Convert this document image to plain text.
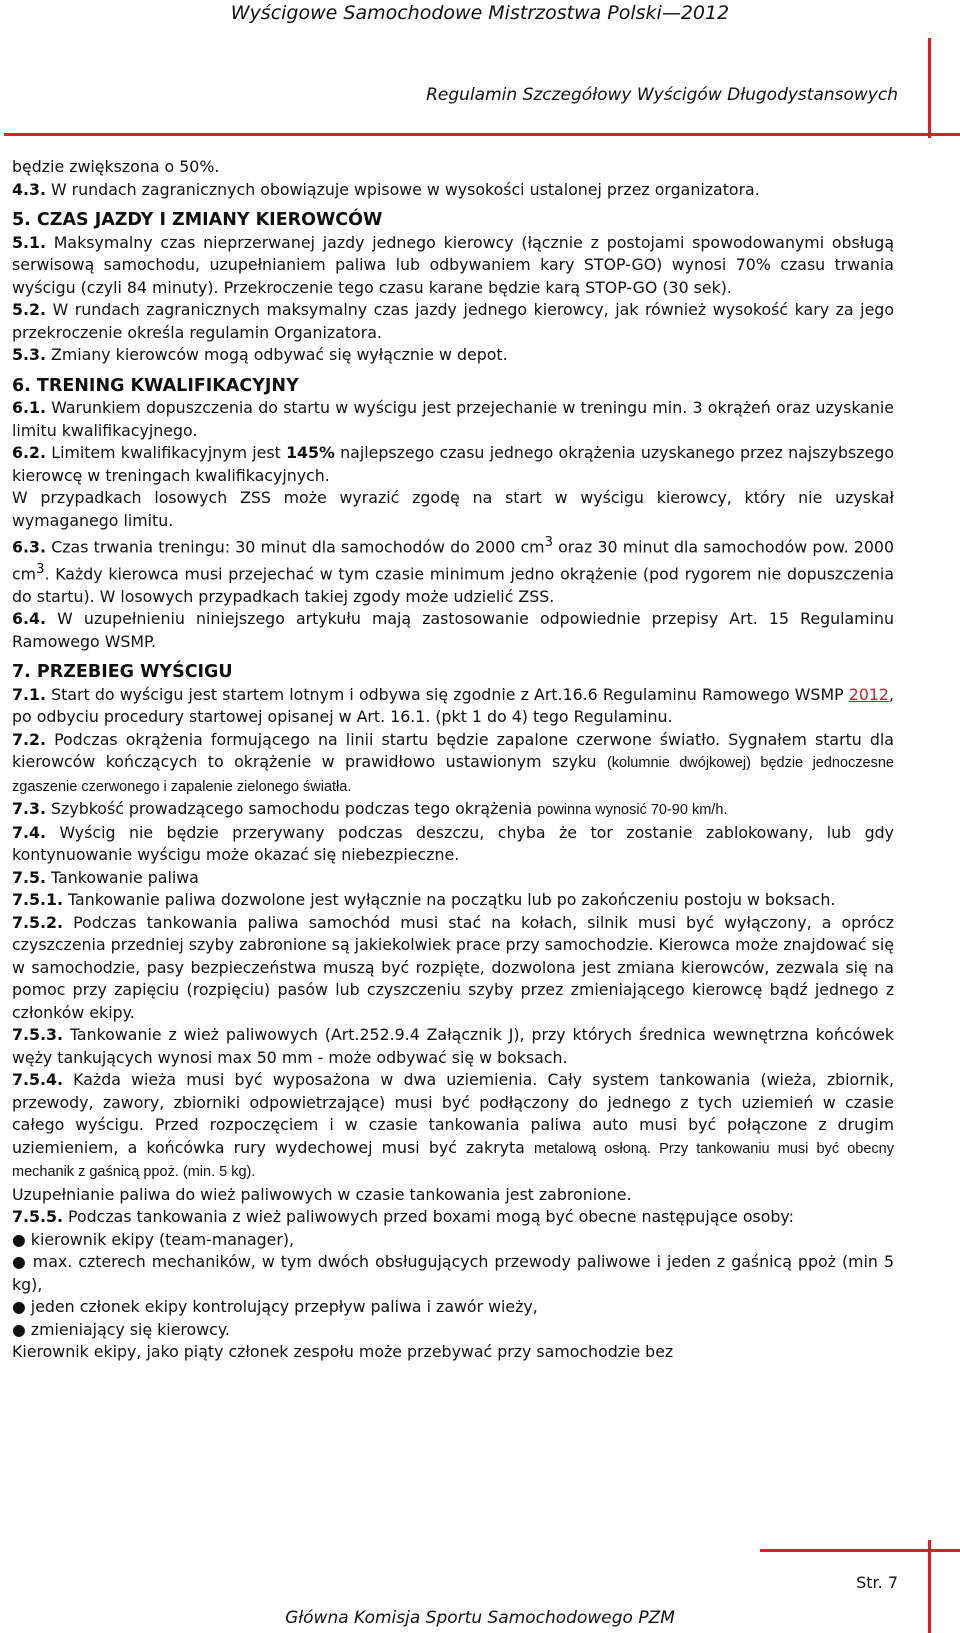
Wyścigowe Samochodowe Mistrzostwa Polski—2012
Regulamin Szczegółowy Wyścigów Długodystansowych

będzie zwiększona o 50%.

4.3. W rundach zagranicznych obowiązuje wpisowe w wysokości ustalonej przez organizatora.

5. CZAS JAZDY I ZMIANY KIEROWCÓW

5.1. Maksymalny czas nieprzerwanej jazdy jednego kierowcy (łącznie z postojami spowodowanymi obsługą serwisową samochodu, uzupełnianiem paliwa lub odbywaniem kary STOP-GO) wynosi 70% czasu trwania wyścigu (czyli 84 minuty). Przekroczenie tego czasu karane będzie karą STOP-GO (30 sek).

5.2. W rundach zagranicznych maksymalny czas jazdy jednego kierowcy, jak również wysokość kary za jego przekroczenie określa regulamin Organizatora.

5.3. Zmiany kierowców mogą odbywać się wyłącznie w depot.

6. TRENING KWALIFIKACYJNY

6.1. Warunkiem dopuszczenia do startu w wyścigu jest przejechanie w treningu min. 3 okrążeń oraz uzyskanie limitu kwalifikacyjnego.

6.2. Limitem kwalifikacyjnym jest 145% najlepszego czasu jednego okrążenia uzyskanego przez najszybszego kierowcę w treningach kwalifikacyjnych.

W przypadkach losowych ZSS może wyrazić zgodę na start w wyścigu kierowcy, który nie uzyskał wymaganego limitu.

6.3. Czas trwania treningu: 30 minut dla samochodów do 2000 $cm^3$ oraz 30 minut dla samochodów pow. 2000 $cm^3$. Każdy kierowca musi przejechać w tym czasie minimum jedno okrążenie (pod rygorem nie dopuszczenia do startu). W losowych przypadkach takiej zgody może udzielić ZSS.

6.4. W uzupełnieniu niniejszego artykułu mają zastosowanie odpowiednie przepisy Art. 15 Regulaminu Ramowego WSMP.

7. PRZEBIEG WYŚCIGU

7.1. Start do wyścigu jest startem lotnym i odbywa się zgodnie z Art.16.6 Regulaminu Ramowego WSMP 2012, po odbyciu procedury startowej opisanej w Art. 16.1. (pkt 1 do 4) tego Regulaminu.

7.2. Podczas okrążenia formującego na linii startu będzie zapalone czerwone światło. Sygnałem startu dla kierowców kończących to okrążenie w prawidłowo ustawionym szyku (kolumnie dwójkowej) będzie jednoczesne zgaszenie czerwonego i zapalenie zielonego światła.

7.3. Szybkość prowadzącego samochodu podczas tego okrążenia powinna wynosić 70-90 km/h.

7.4. Wyścig nie będzie przerywany podczas deszczu, chyba że tor zostanie zablokowany, lub gdy kontynuowanie wyścigu może okazać się niebezpieczne.

7.5. Tankowanie paliwa

7.5.1. Tankowanie paliwa dozwolone jest wyłącznie na początku lub po zakończeniu postoju w boksach.

7.5.2. Podczas tankowania paliwa samochód musi stać na kołach, silnik musi być wyłączony, a oprócz czyszczenia przedniej szyby zabronione są jakiekolwiek prace przy samochodzie. Kierowca może znajdować się w samochodzie, pasy bezpieczeństwa muszą być rozpięte, dozwolona jest zmiana kierowców, zezwala się na pomoc przy zapięciu (rozpięciu) pasów lub czyszczeniu szyby przez zmieniającego kierowcę bądź jednego z członków ekipy.

7.5.3. Tankowanie z wież paliwowych (Art.252.9.4 Załącznik J), przy których średnica wewnętrzna końcówek węży tankujących wynosi max 50 mm - może odbywać się w boksach.

7.5.4. Każda wieża musi być wyposażona w dwa uziemienia. Cały system tankowania (wieża, zbiornik, przewody, zawory, zbiorniki odpowietrzające) musi być podłączony do jednego z tych uziemień w czasie całego wyścigu. Przed rozpoczęciem i w czasie tankowania paliwa auto musi być połączone z drugim uziemieniem, a końcówka rury wydechowej musi być zakryta metalową osłoną. Przy tankowaniu musi być obecny mechanik z gaśnicą ppoż. (min. 5 kg).

Uzupełnianie paliwa do wież paliwowych w czasie tankowania jest zabronione.

7.5.5. Podczas tankowania z wież paliwowych przed boxami mogą być obecne następujące osoby:

● kierownik ekipy (team-manager),

● max. czterech mechaników, w tym dwóch obsługujących przewody paliwowe i jeden z gaśnicą ppoż (min 5 kg),

● jeden członek ekipy kontrolujący przepływ paliwa i zawór wieży,

● zmieniający się kierowcy.

Kierownik ekipy, jako piąty członek zespołu może przebywać przy samochodzie bez

Str. 7
Główna Komisja Sportu Samochodowego PZM
